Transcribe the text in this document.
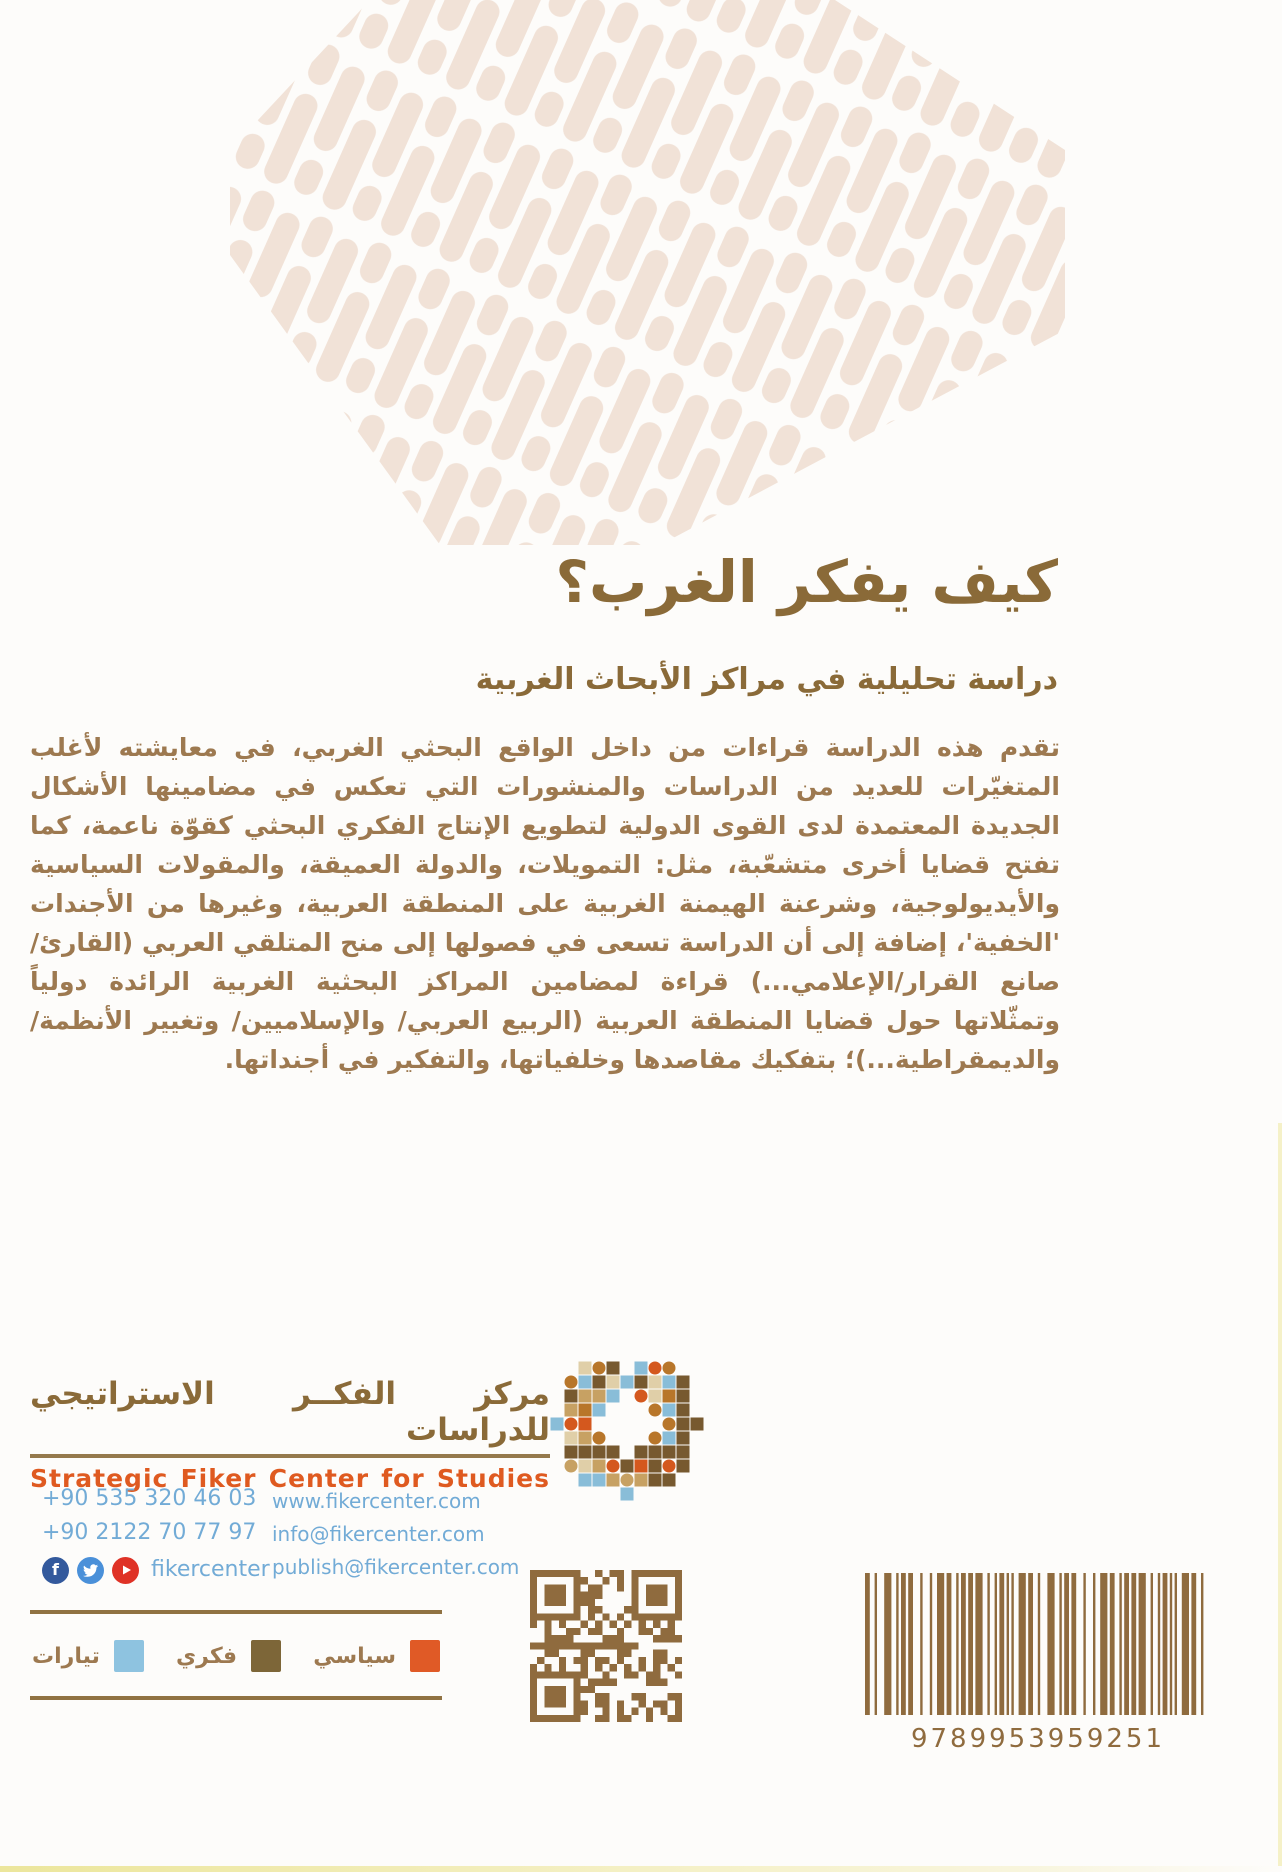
كيف يفكر الغرب؟
دراسة تحليلية في مراكز الأبحاث الغربية

تقدم هذه الدراسة قراءات من داخل الواقع البحثي الغربي، في معايشته لأغلب المتغيّرات للعديد من الدراسات والمنشورات التي تعكس في مضامينها الأشكال الجديدة المعتمدة لدى القوى الدولية لتطويع الإنتاج الفكري البحثي كقوّة ناعمة، كما تفتح قضايا أخرى متشعّبة، مثل: التمويلات، والدولة العميقة، والمقولات السياسية والأيديولوجية، وشرعنة الهيمنة الغربية على المنطقة العربية، وغيرها من الأجندات 'الخفية'، إضافة إلى أن الدراسة تسعى في فصولها إلى منح المتلقي العربي (القارئ/ صانع القرار/الإعلامي...) قراءة لمضامين المراكز البحثية الغربية الرائدة دولياً وتمثّلاتها حول قضايا المنطقة العربية (الربيع العربي/ والإسلاميين/ وتغيير الأنظمة/ والديمقراطية...)؛ بتفكيك مقاصدها وخلفياتها، والتفكير في أجنداتها.

مركز الفكــر الاستراتيجي للدراسات
Strategic Fiker Center for Studies
+90 535 320 46 03
+90 2122 70 77 97
f	fikercenter
www.fikercenter.com
info@fikercenter.com
publish@fikercenter.com
سياسي
فكري
تيارات
9789953959251
